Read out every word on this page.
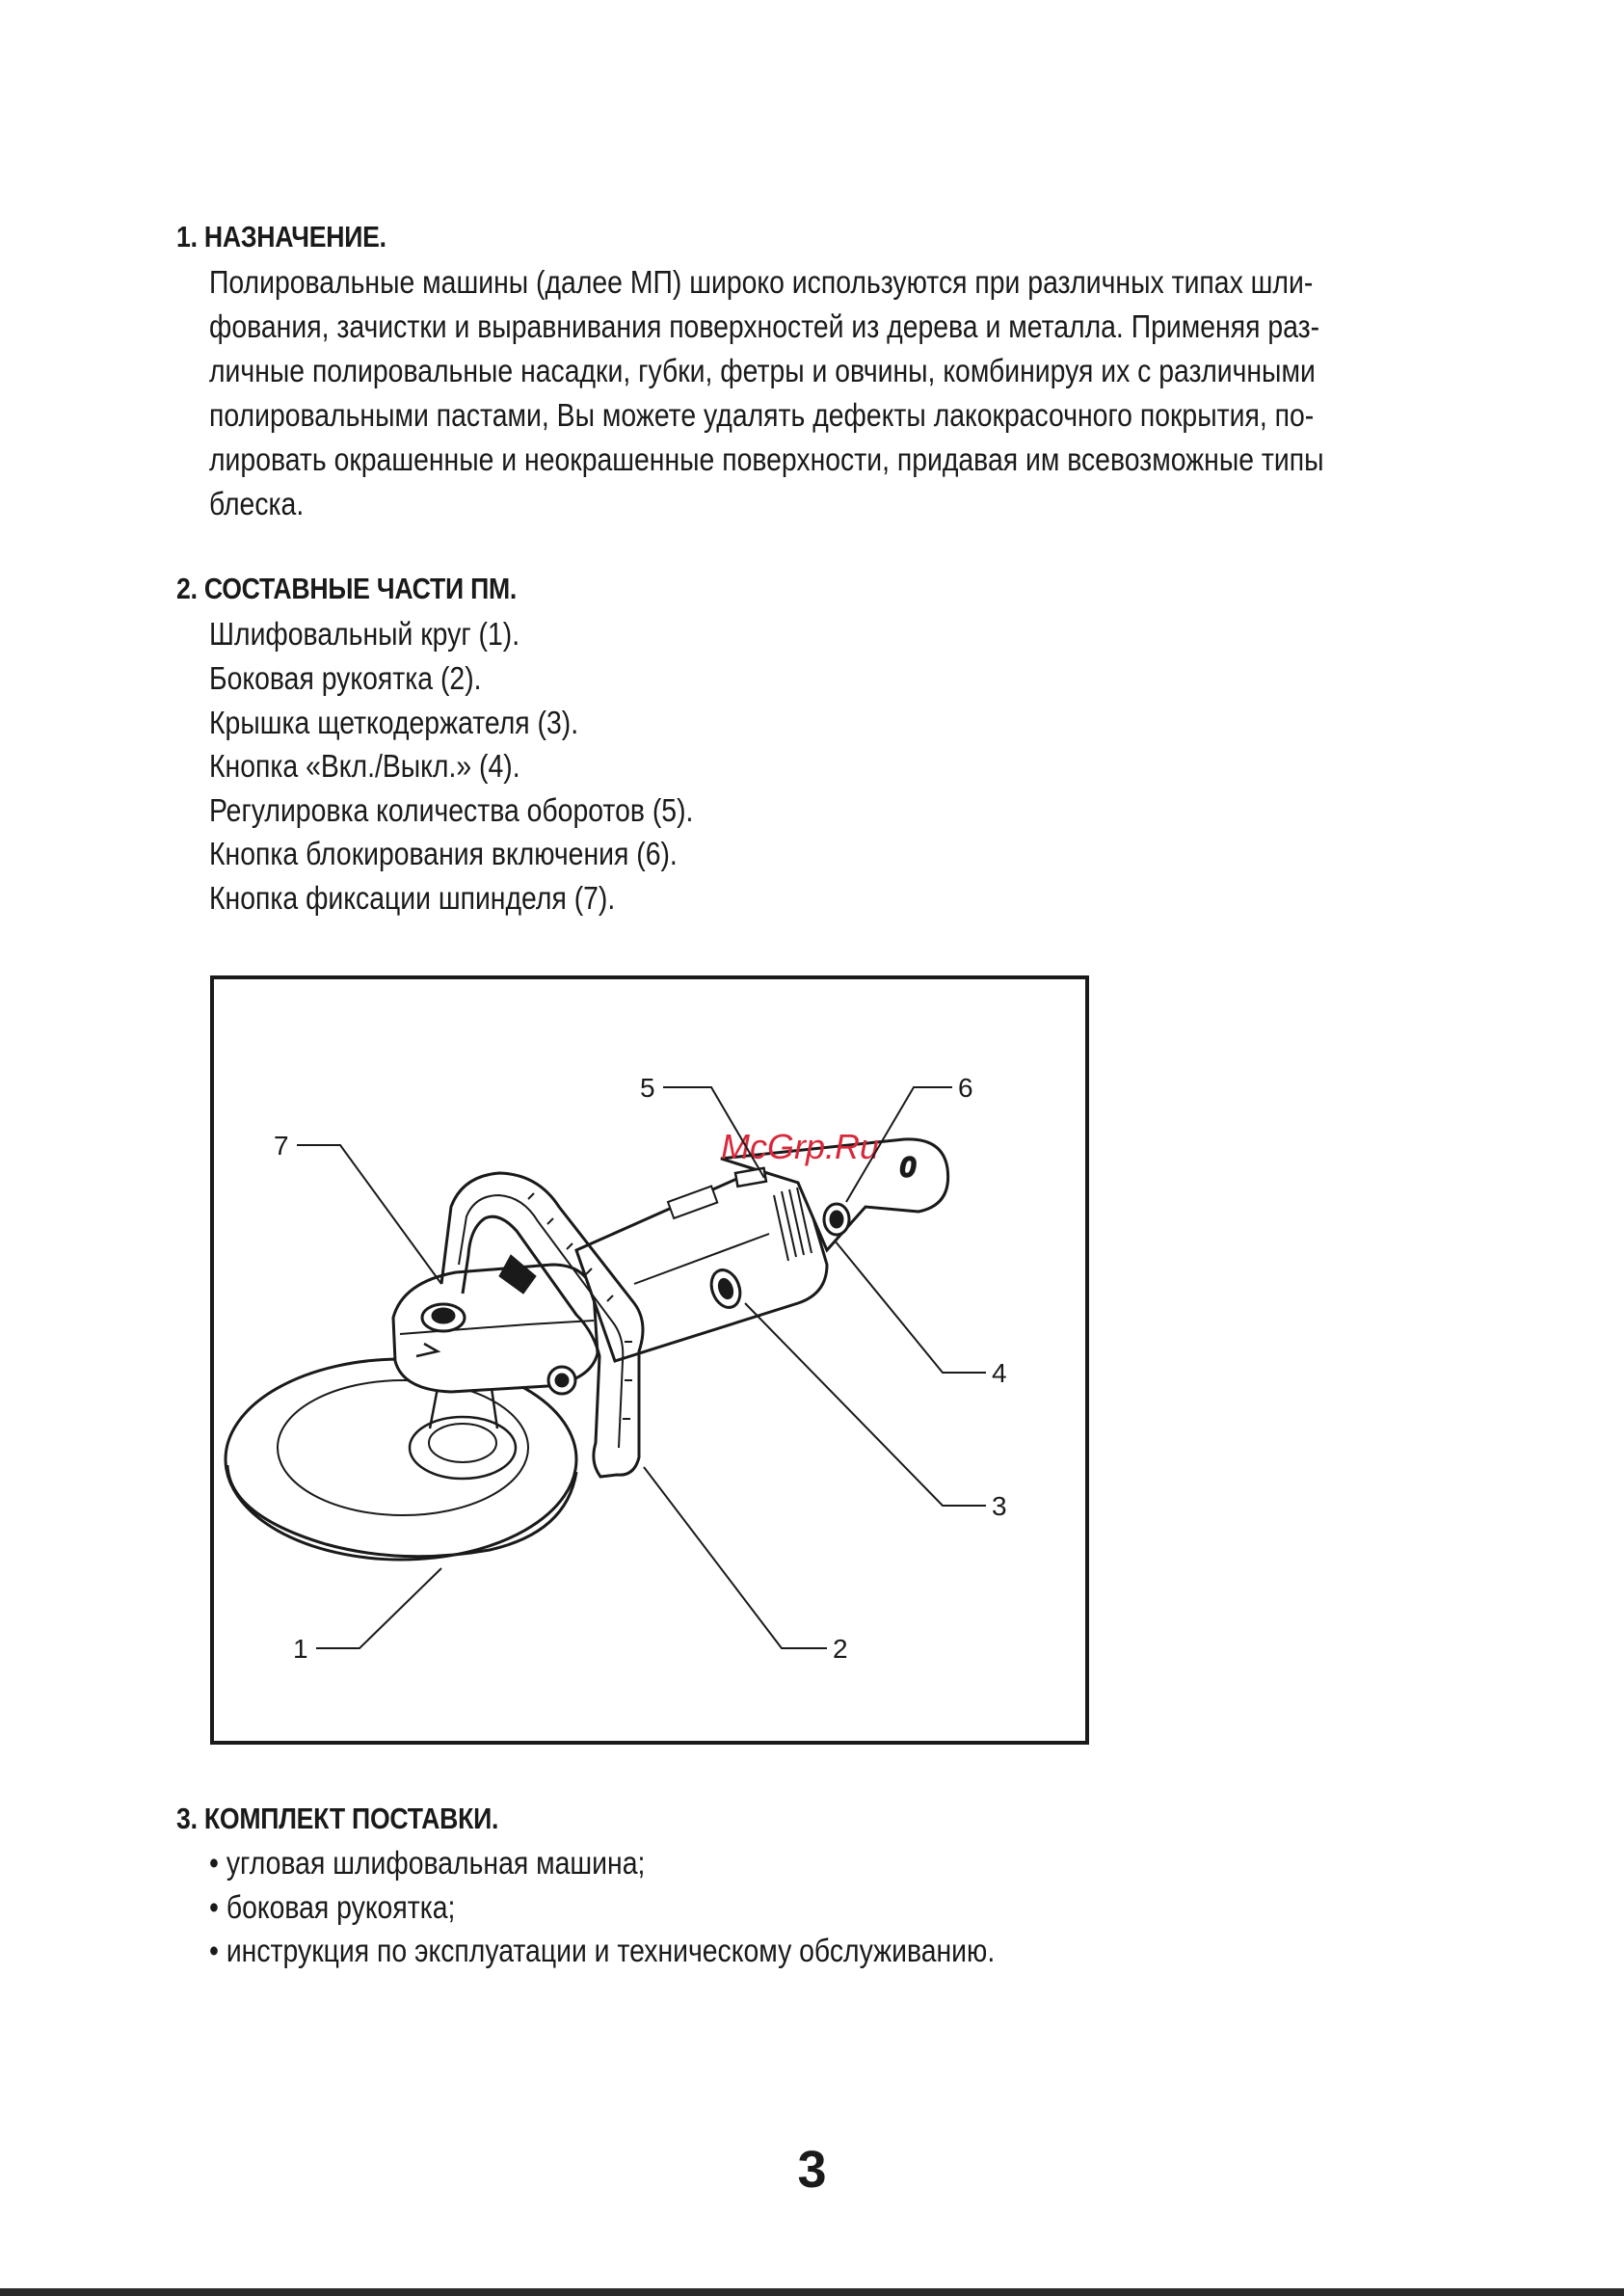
1. НАЗНАЧЕНИЕ.
Полировальные машины (далее МП) широко используются при различных типах шли-
фования, зачистки и выравнивания поверхностей из дерева и металла. Применяя раз-
личные полировальные насадки, губки, фетры и овчины, комбинируя их с различными
полировальными пастами, Вы можете удалять дефекты лакокрасочного покрытия, по-
лировать окрашенные и неокрашенные поверхности, придавая им всевозможные типы
блеска.
2. СОСТАВНЫЕ ЧАСТИ ПМ.
Шлифовальный круг (1).
Боковая рукоятка (2).
Крышка щеткодержателя (3).
Кнопка «Вкл./Выкл.» (4).
Регулировка количества оборотов (5).
Кнопка блокирования включения (6).
Кнопка фиксации шпинделя (7).
0
McGrp.Ru
1	2
3
4
5	6
7
3. КОМПЛЕКТ ПОСТАВКИ.
• угловая шлифовальная машина;
• боковая рукоятка;
• инструкция по эксплуатации и техническому обслуживанию.
3
